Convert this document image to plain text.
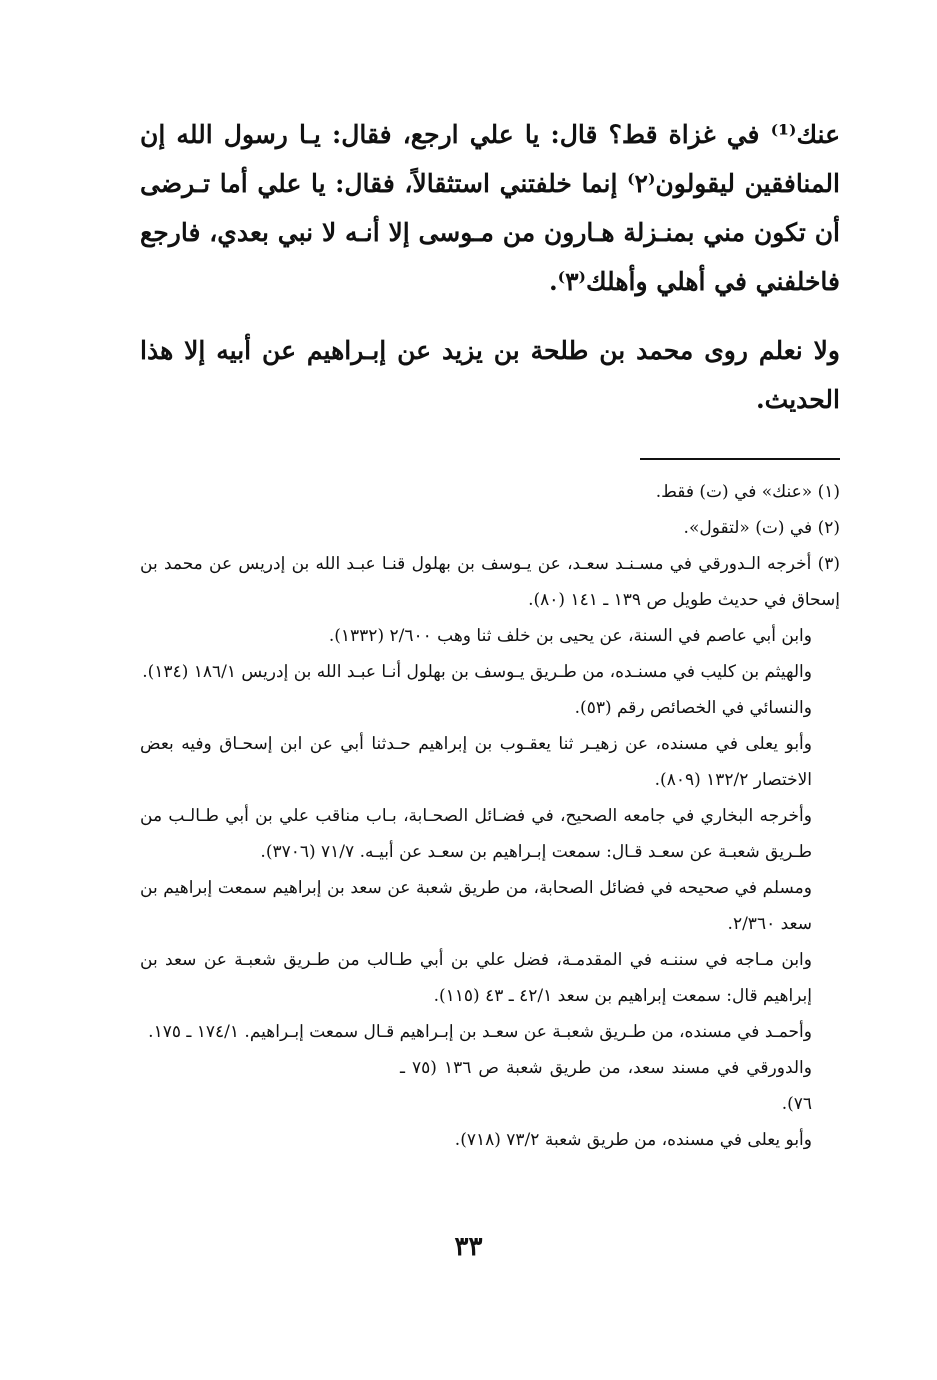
عنك⁽¹⁾ في غزاة قط؟ قال: يا علي ارجع، فقال: يـا رسول الله إن المنافقين ليقولون⁽٢⁾ إنما خلفتني استثقالاً، فقال: يا علي أما تـرضى أن تكون مني بمنـزلة هـارون من مـوسى إلا أنـه لا نبي بعدي، فارجع فاخلفني في أهلي وأهلك⁽٣⁾.

ولا نعلم روى محمد بن طلحة بن يزيد عن إبـراهيم عن أبيه إلا هذا الحديث.

(١) «عنك» في (ت) فقط.

(٢) في (ت) «لتقول».

(٣) أخرجه الـدورقي في مسـنـد سعـد، عن يـوسف بن بهلول قنـا عبـد الله بن إدريس عن محمد بن إسحاق في حديث طويل ص ١٣٩ ـ ١٤١ (٨٠).

وابن أبي عاصم في السنة، عن يحيى بن خلف ثنا وهب ٢/٦٠٠ (١٣٣٢).

والهيثم بن كليب في مسنـده، من طـريق يـوسف بن بهلول أنـا عبـد الله بن إدريس ١٨٦/١ (١٣٤).

والنسائي في الخصائص رقم (٥٣).

وأبو يعلى في مسنده، عن زهيـر ثنا يعقـوب بن إبراهيم حـدثنا أبي عن ابن إسحـاق وفيه بعض الاختصار ١٣٢/٢ (٨٠٩).

وأخرجه البخاري في جامعه الصحيح، في فضـائل الصحـابة، بـاب مناقب علي بن أبي طـالـب من طـريق شعبـة عن سعـد قـال: سمعت إبـراهيم بن سعـد عن أبيـه. ٧١/٧ (٣٧٠٦).

ومسلم في صحيحه في فضائل الصحابة، من طريق شعبة عن سعد بن إبراهيم سمعت إبراهيم بن سعد ٢/٣٦٠.

وابن مـاجه في سننـه في المقدمـة، فضل علي بن أبي طـالب من طـريق شعبـة عن سعد بن إبراهيم قال: سمعت إبراهيم بن سعد ٤٢/١ ـ ٤٣ (١١٥).

وأحمـد في مسنده، من طـريق شعبـة عن سعـد بن إبـراهيم قـال سمعت إبـراهيم. ١٧٤/١ ـ ١٧٥.

والدورقي في مسند سعد، من طريق شعبة ص ١٣٦ (٧٥ ـ ٧٦).

وأبو يعلى في مسنده، من طريق شعبة ٧٣/٢ (٧١٨).

٣٣
